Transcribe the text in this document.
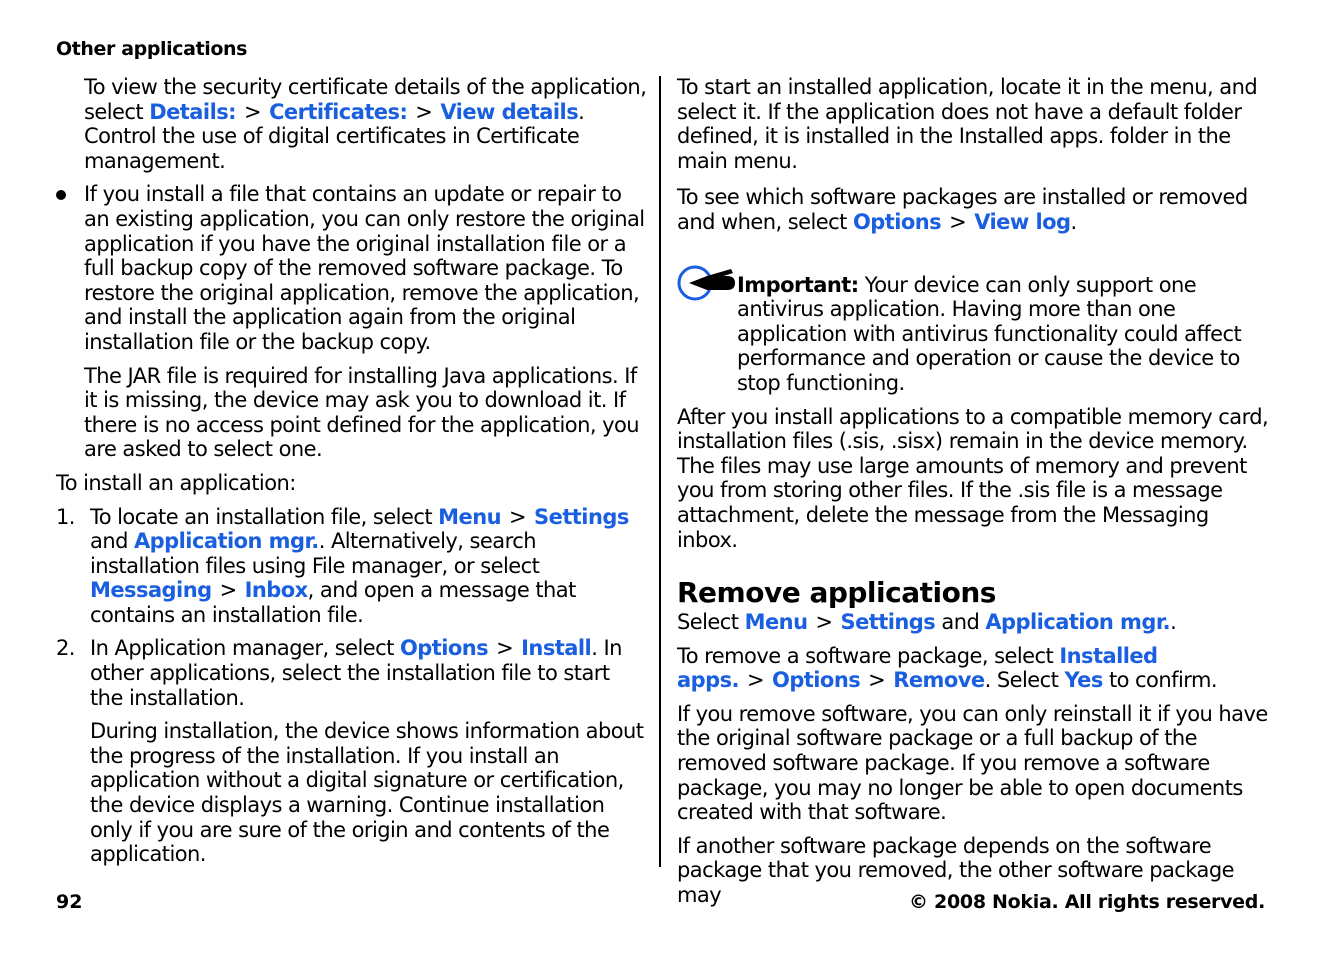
Other applications

To view the security certificate details of the application, select Details: > Certificates: > View details. Control the use of digital certificates in Certificate management.

If you install a file that contains an update or repair to an existing application, you can only restore the original application if you have the original installation file or a full backup copy of the removed software package. To restore the original application, remove the application, and install the application again from the original installation file or the backup copy.

The JAR file is required for installing Java applications. If it is missing, the device may ask you to download it. If there is no access point defined for the application, you are asked to select one.

To install an application:

1. To locate an installation file, select Menu > Settings and Application mgr.. Alternatively, search installation files using File manager, or select Messaging > Inbox, and open a message that contains an installation file.
2. In Application manager, select Options > Install. In other applications, select the installation file to start the installation.

During installation, the device shows information about the progress of the installation. If you install an application without a digital signature or certification, the device displays a warning. Continue installation only if you are sure of the origin and contents of the application.

To start an installed application, locate it in the menu, and select it. If the application does not have a default folder defined, it is installed in the Installed apps. folder in the main menu.

To see which software packages are installed or removed and when, select Options > View log.

Important: Your device can only support one antivirus application. Having more than one application with antivirus functionality could affect performance and operation or cause the device to stop functioning.

After you install applications to a compatible memory card, installation files (.sis, .sisx) remain in the device memory. The files may use large amounts of memory and prevent you from storing other files. If the .sis file is a message attachment, delete the message from the Messaging inbox.

Remove applications

Select Menu > Settings and Application mgr..

To remove a software package, select Installed apps. > Options > Remove. Select Yes to confirm.

If you remove software, you can only reinstall it if you have the original software package or a full backup of the removed software package. If you remove a software package, you may no longer be able to open documents created with that software.

If another software package depends on the software package that you removed, the other software package may

92	© 2008 Nokia. All rights reserved.
